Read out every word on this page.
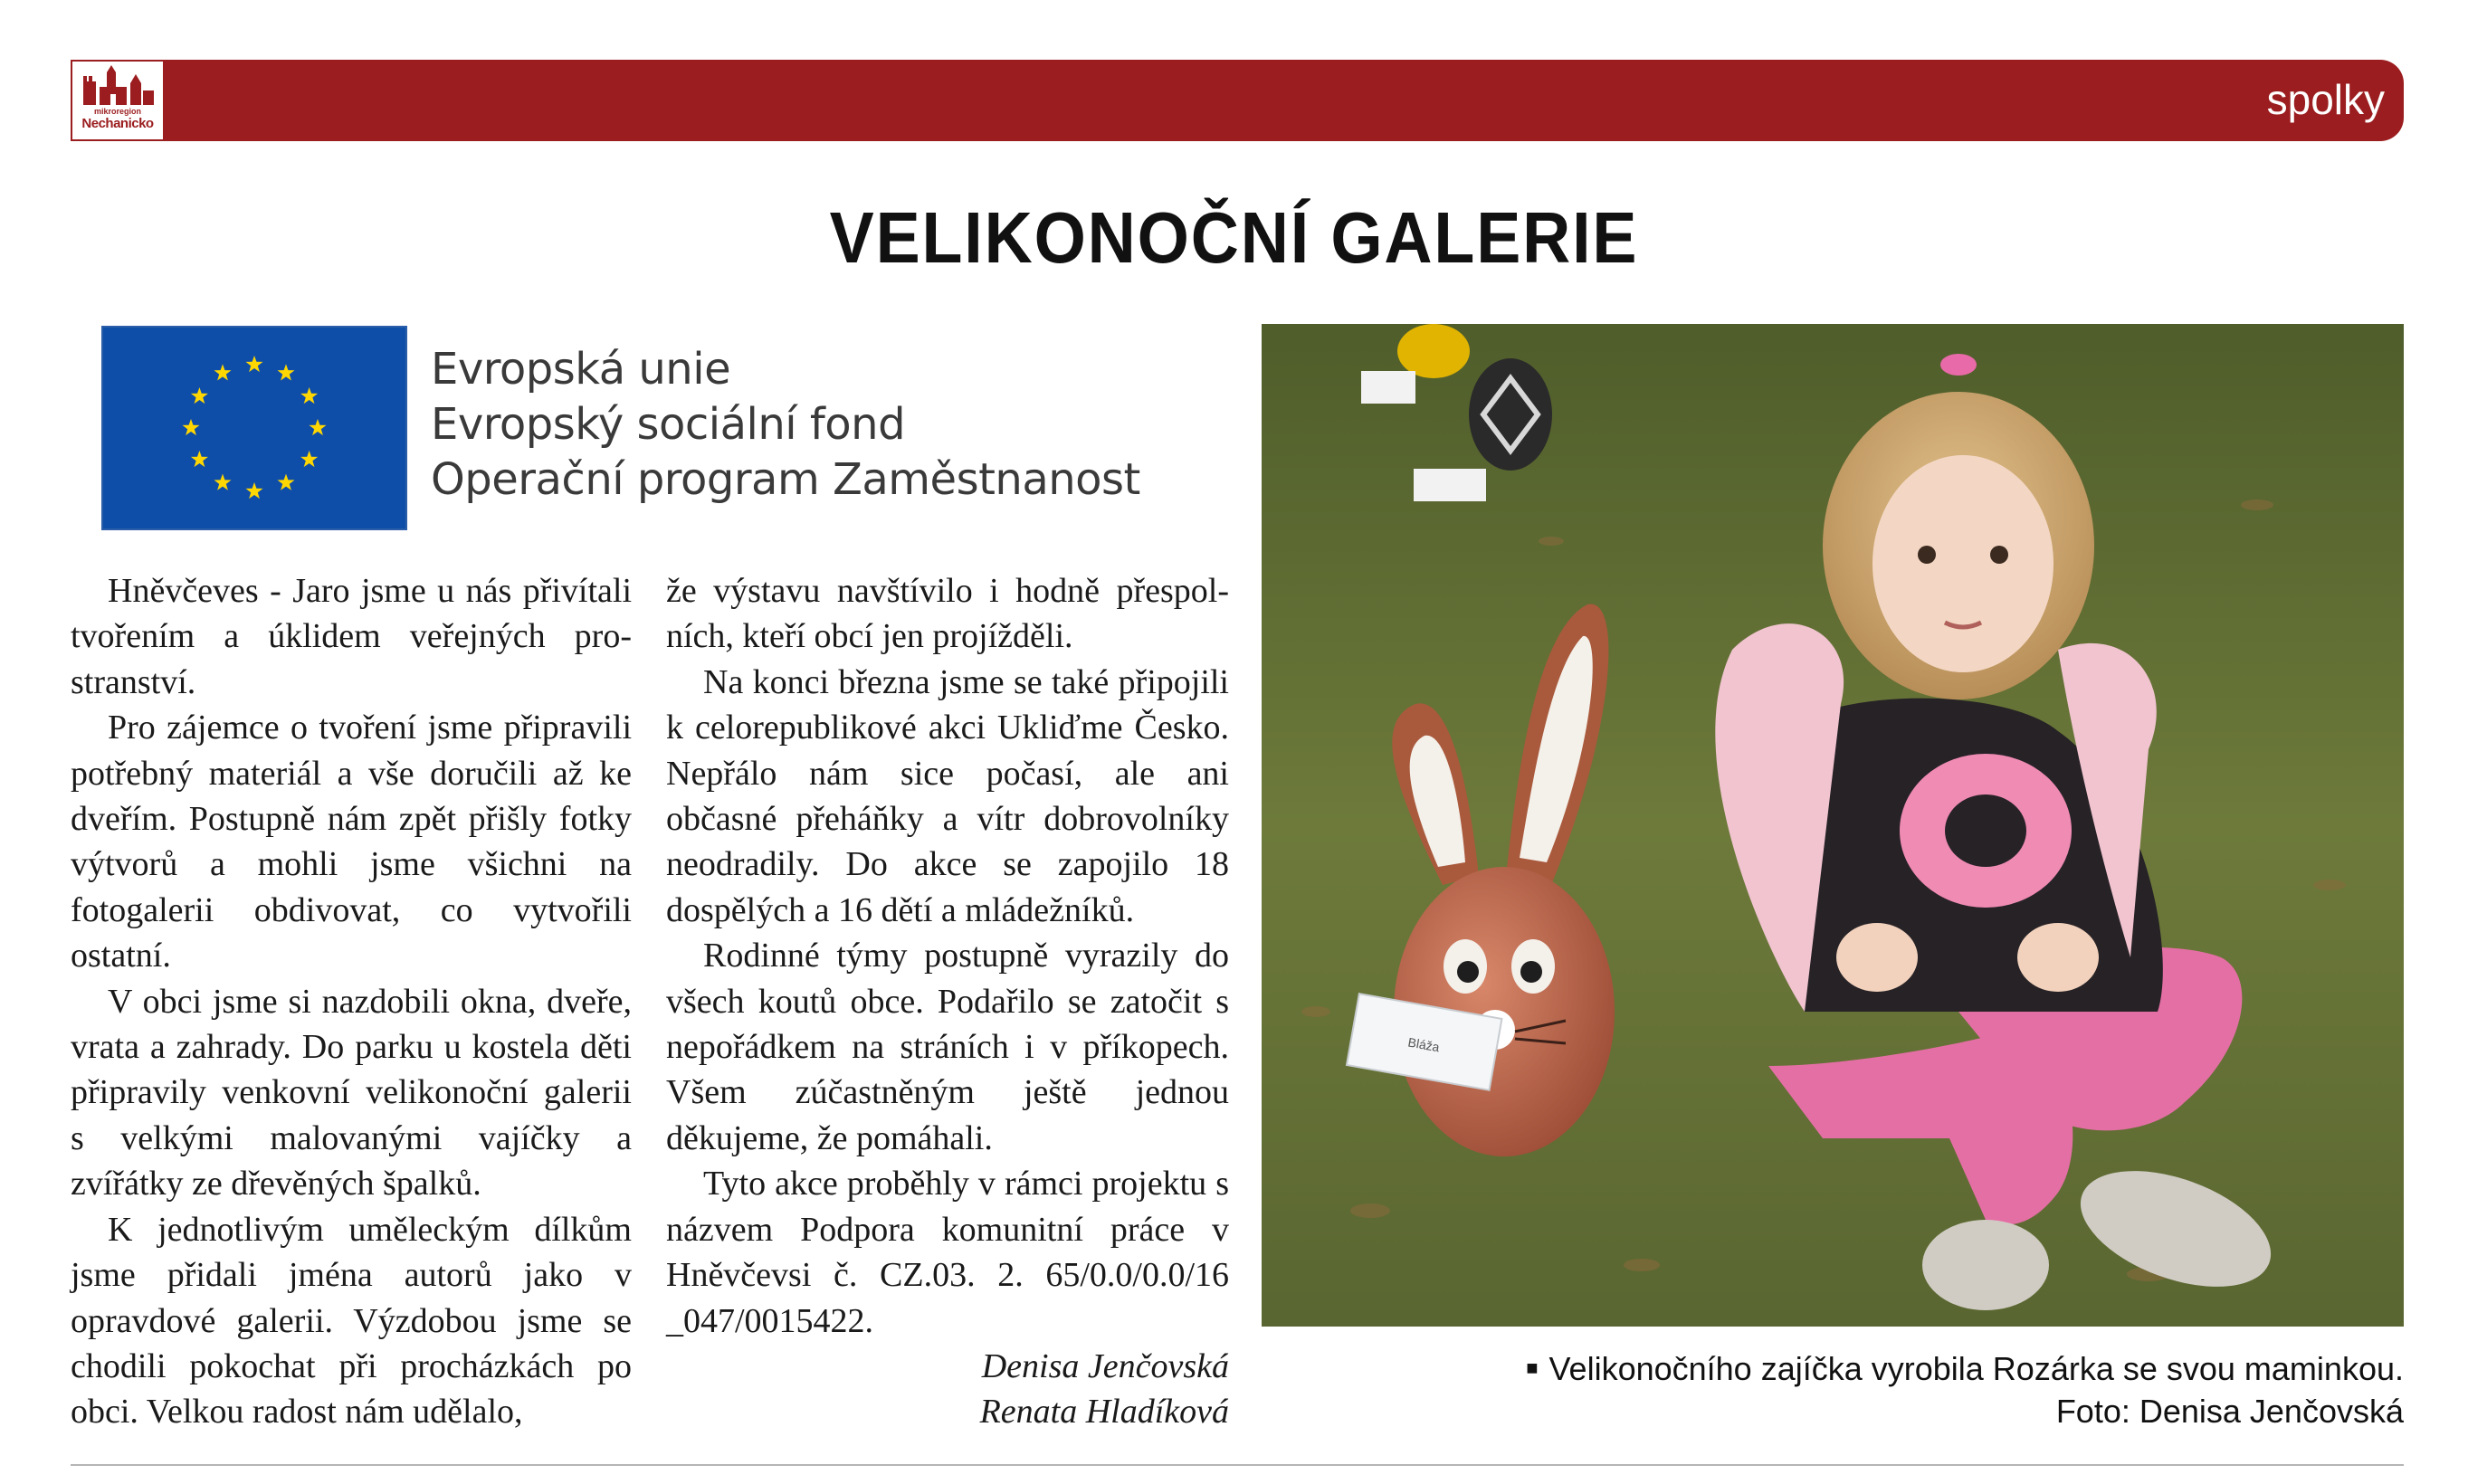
mikroregion
Nechanicko
spolky
VELIKONOČNÍ GALERIE
Evropská unie
Evropský sociální fond
Operační program Zaměstnanost

Hněvčeves - Jaro jsme u nás přivítali tvořením a úklidem veřejných prostranství.

Pro zájemce o tvoření jsme připravili potřebný materiál a vše doručili až ke dveřím. Postupně nám zpět přišly fotky výtvorů a mohli jsme všichni na fotogalerii obdivovat, co vytvořili ostatní.

V obci jsme si nazdobili okna, dveře, vrata a zahrady. Do parku u kostela děti připravily venkovní velikonoční galerii s velkými malovanými vajíčky a zvířátky ze dřevěných špalků.

K jednotlivým uměleckým dílkům jsme přidali jména autorů jako v opravdové galerii. Výzdobou jsme se chodili pokochat při procházkách po obci. Velkou radost nám udělalo,

že výstavu navštívilo i hodně přespolních, kteří obcí jen projížděli.

Na konci března jsme se také připojili k celorepublikové akci Ukliďme Česko. Nepřálo nám sice počasí, ale ani občasné přeháňky a vítr dobrovolníky neodradily. Do akce se zapojilo 18 dospělých a 16 dětí a mládežníků.

Rodinné týmy postupně vyrazily do všech koutů obce. Podařilo se zatočit s nepořádkem na stráních i v příkopech. Všem zúčastněným ještě jednou děkujeme, že pomáhali.

Tyto akce proběhly v rámci projektu s názvem Podpora komunitní práce v Hněvčevsi č. CZ.03. 2. 65/0.0/0.0/16 _047/0015422.

Denisa Jenčovská

Renata Hladíková

Bláža
■ Velikonočního zajíčka vyrobila Rozárka se svou maminkou.
Foto: Denisa Jenčovská
